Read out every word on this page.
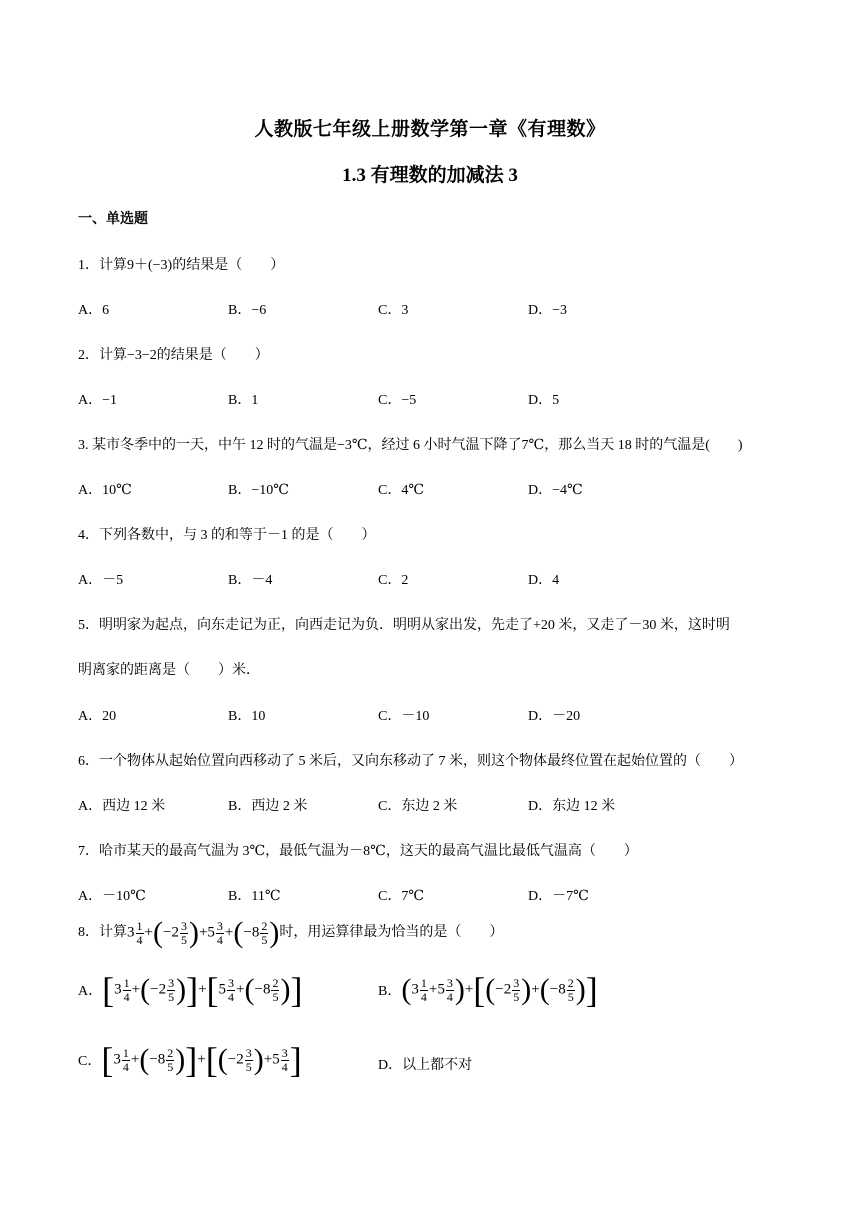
人教版七年级上册数学第一章《有理数》
1.3 有理数的加减法 3
一、单选题
1．计算9＋(−3)的结果是（　　）
A．6	B．−6	C．3	D．−3
2．计算−3−2的结果是（　　）
A．−1	B．1	C．−5	D．5
3. 某市冬季中的一天，中午 12 时的气温是−3℃，经过 6 小时气温下降了7℃，那么当天 18 时的气温是(　　)
A．10℃	B．−10℃	C．4℃	D．−4℃
4．下列各数中，与 3 的和等于－1 的是（　　）
A．－5	B．－4	C．2	D．4
5．明明家为起点，向东走记为正，向西走记为负．明明从家出发，先走了+20 米，又走了－30 米，这时明
明离家的距离是（　　）米．
A．20	B．10	C．－10	D．－20
6．一个物体从起始位置向西移动了 5 米后，又向东移动了 7 米，则这个物体最终位置在起始位置的（　　）
A．西边 12 米	B．西边 2 米	C．东边 2 米	D．东边 12 米
7．哈市某天的最高气温为 3℃，最低气温为－8℃，这天的最高气温比最低气温高（　　）
A．－10℃	B．11℃	C．7℃	D．－7℃
8．计算$3 \frac{1}{4} +(-2 \frac{3}{5} )+5 \frac{3}{4} +(-8 \frac{2}{5}$ )时，用运算律最为恰当的是（　　）
A．$[3 \frac{1}{4} +(-2 \frac{3}{5} )]+[5 \frac{3}{4} +(-8 \frac{2}{5}$ )]	B．$(3 \frac{1}{4} +5 \frac{3}{4} )+[(-2 \frac{3}{5} )+(-8 \frac{2}{5}$ )]
C．$[3 \frac{1}{4} +(-8 \frac{2}{5} )]+[(-2 \frac{3}{5} )+5 \frac{3}{4}$ ]	D．以上都不对
